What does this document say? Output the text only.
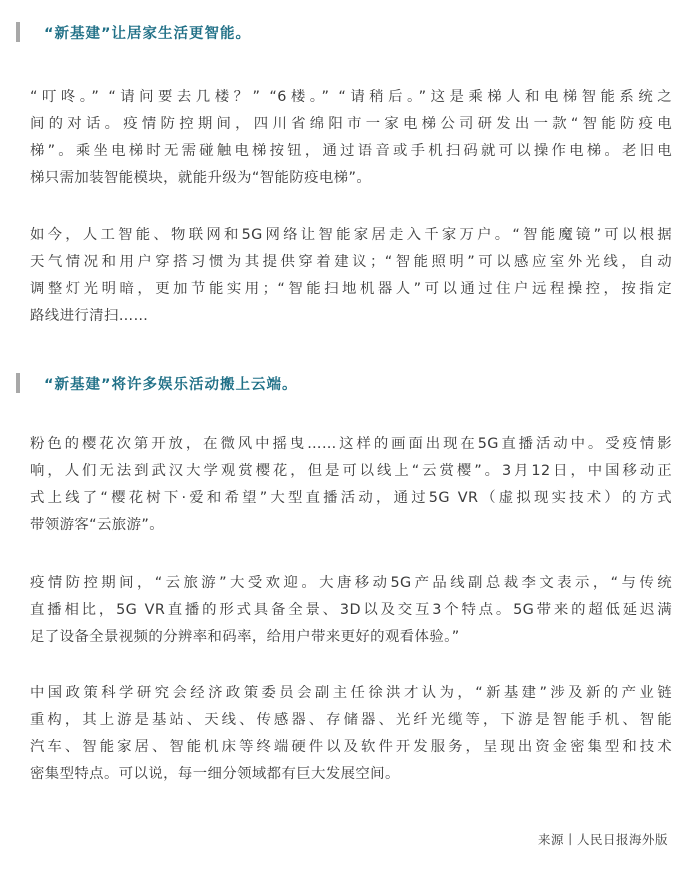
“新基建”让居家生活更智能。
“叮咚。” “请问要去几楼？” “6楼。” “请稍后。”这是乘梯人和电梯智能系统之
间的对话。疫情防控期间，四川省绵阳市一家电梯公司研发出一款“智能防疫电
梯”。乘坐电梯时无需碰触电梯按钮，通过语音或手机扫码就可以操作电梯。老旧电
梯只需加装智能模块，就能升级为“智能防疫电梯”。
如今，人工智能、物联网和5G网络让智能家居走入千家万户。“智能魔镜”可以根据
天气情况和用户穿搭习惯为其提供穿着建议；“智能照明”可以感应室外光线，自动
调整灯光明暗，更加节能实用；“智能扫地机器人”可以通过住户远程操控，按指定
路线进行清扫……
“新基建”将许多娱乐活动搬上云端。
粉色的樱花次第开放，在微风中摇曳……这样的画面出现在5G直播活动中。受疫情影
响，人们无法到武汉大学观赏樱花，但是可以线上“云赏樱”。3月12日，中国移动正
式上线了“樱花树下·爱和希望”大型直播活动，通过5G VR（虚拟现实技术）的方式
带领游客“云旅游”。
疫情防控期间，“云旅游”大受欢迎。大唐移动5G产品线副总裁李文表示，“与传统
直播相比，5G VR直播的形式具备全景、3D以及交互3个特点。5G带来的超低延迟满
足了设备全景视频的分辨率和码率，给用户带来更好的观看体验。”
中国政策科学研究会经济政策委员会副主任徐洪才认为，“新基建”涉及新的产业链
重构，其上游是基站、天线、传感器、存储器、光纤光缆等，下游是智能手机、智能
汽车、智能家居、智能机床等终端硬件以及软件开发服务，呈现出资金密集型和技术
密集型特点。可以说，每一细分领域都有巨大发展空间。
来源丨人民日报海外版
